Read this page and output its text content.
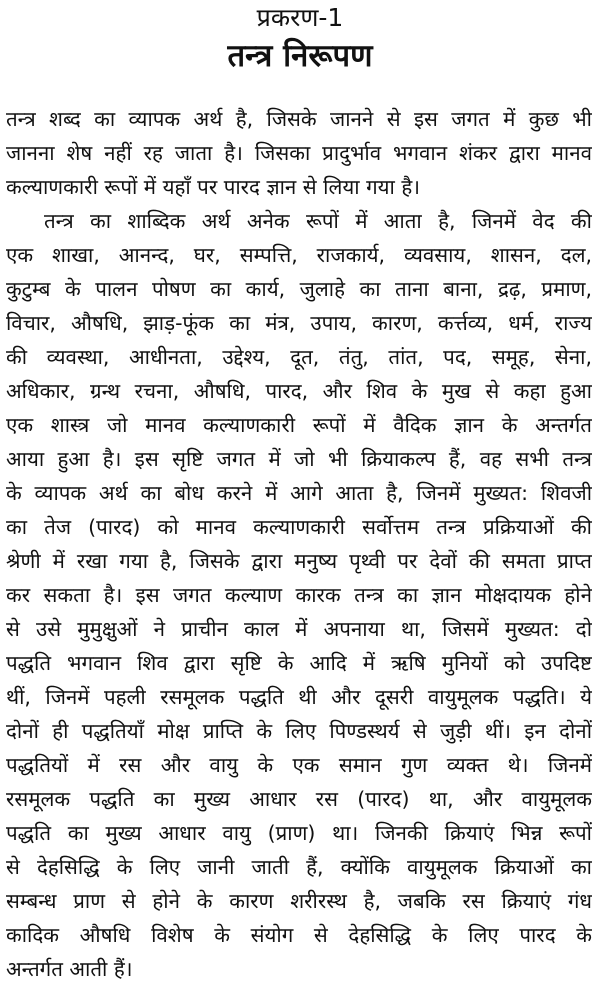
प्रकरण-1
तन्त्र निरूपण
तन्त्र शब्द का व्यापक अर्थ है, जिसके जानने से इस जगत में कुछ भी
जानना शेष नहीं रह जाता है। जिसका प्रादुर्भाव भगवान शंकर द्वारा मानव
कल्याणकारी रूपों में यहाँ पर पारद ज्ञान से लिया गया है।
तन्त्र का शाब्दिक अर्थ अनेक रूपों में आता है, जिनमें वेद की
एक शाखा, आनन्द, घर, सम्पत्ति, राजकार्य, व्यवसाय, शासन, दल,
कुटुम्ब के पालन पोषण का कार्य, जुलाहे का ताना बाना, द्रढ़, प्रमाण,
विचार, औषधि, झाड़-फूंक का मंत्र, उपाय, कारण, कर्त्तव्य, धर्म, राज्य
की व्यवस्था, आधीनता, उद्देश्य, दूत, तंतु, तांत, पद, समूह, सेना,
अधिकार, ग्रन्थ रचना, औषधि, पारद, और शिव के मुख से कहा हुआ
एक शास्त्र जो मानव कल्याणकारी रूपों में वैदिक ज्ञान के अन्तर्गत
आया हुआ है। इस सृष्टि जगत में जो भी क्रियाकल्प हैं, वह सभी तन्त्र
के व्यापक अर्थ का बोध करने में आगे आता है, जिनमें मुख्यत: शिवजी
का तेज (पारद) को मानव कल्याणकारी सर्वोत्तम तन्त्र प्रक्रियाओं की
श्रेणी में रखा गया है, जिसके द्वारा मनुष्य पृथ्वी पर देवों की समता प्राप्त
कर सकता है। इस जगत कल्याण कारक तन्त्र का ज्ञान मोक्षदायक होने
से उसे मुमुक्षुओं ने प्राचीन काल में अपनाया था, जिसमें मुख्यत: दो
पद्धति भगवान शिव द्वारा सृष्टि के आदि में ऋषि मुनियों को उपदिष्ट
थीं, जिनमें पहली रसमूलक पद्धति थी और दूसरी वायुमूलक पद्धति। ये
दोनों ही पद्धतियाँ मोक्ष प्राप्ति के लिए पिण्डस्थर्य से जुड़ी थीं। इन दोनों
पद्धतियों में रस और वायु के एक समान गुण व्यक्त थे। जिनमें
रसमूलक पद्धति का मुख्य आधार रस (पारद) था, और वायुमूलक
पद्धति का मुख्य आधार वायु (प्राण) था। जिनकी क्रियाएं भिन्न रूपों
से देहसिद्धि के लिए जानी जाती हैं, क्योंकि वायुमूलक क्रियाओं का
सम्बन्ध प्राण से होने के कारण शरीरस्थ है, जबकि रस क्रियाएं गंध
कादिक औषधि विशेष के संयोग से देहसिद्धि के लिए पारद के
अन्तर्गत आती हैं।
